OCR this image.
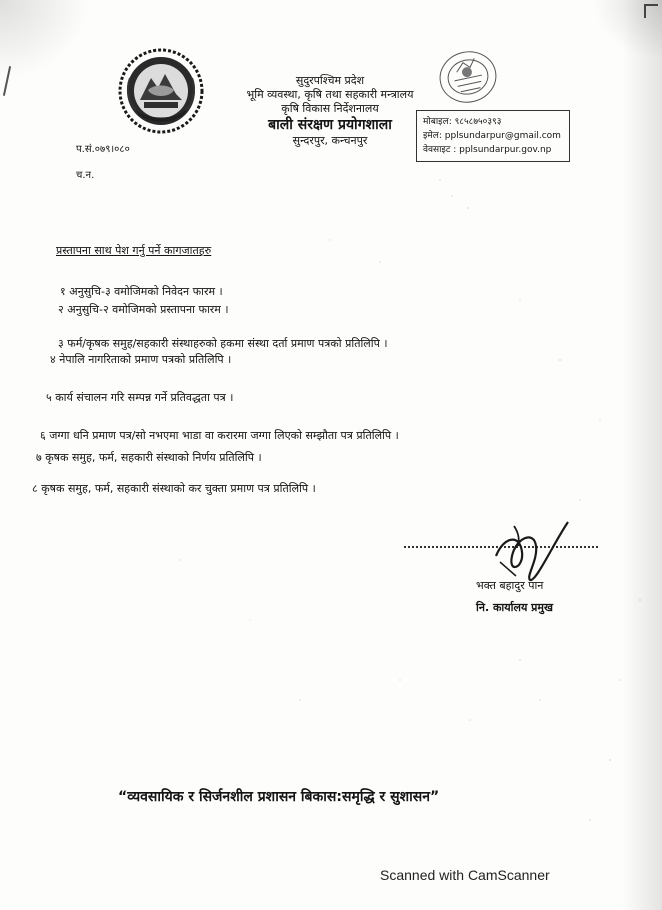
सुदुरपश्चिम प्रदेश
भूमि व्यवस्था, कृषि तथा सहकारी मन्त्रालय
कृषि विकास निर्देशनालय
बाली संरक्षण प्रयोगशाला
सुन्दरपुर, कन्चनपुर
मोबाइल: ९८५८७५०३९३
इमेल: pplsundarpur@gmail.com
वेवसाइट : pplsundarpur.gov.np
प.सं.०७९।०८०
च.न.
प्रस्तापना साथ पेश गर्नु पर्ने कागजातहरु
१ अनुसुचि-३ वमोजिमको निवेदन फारम ।
२ अनुसुचि-२ वमोजिमको प्रस्तापना फारम ।
३ फर्म/कृषक समुह/सहकारी संस्थाहरुको हकमा संस्था दर्ता प्रमाण पत्रको प्रतिलिपि ।
४ नेपालि नागरिताको प्रमाण पत्रको प्रतिलिपि ।
५ कार्य संचालन गरि सम्पन्न गर्ने प्रतिवद्धता पत्र ।
६ जग्गा धनि प्रमाण पत्र/सो नभएमा भाडा वा करारमा जग्गा लिएको सम्झौता पत्र प्रतिलिपि ।
७ कृषक समुह, फर्म, सहकारी संस्थाको निर्णय प्रतिलिपि ।
८ कृषक समुह, फर्म, सहकारी संस्थाको कर चुक्ता प्रमाण पत्र प्रतिलिपि ।
भक्त बहादुर पान
नि. कार्यालय प्रमुख
“व्यवसायिक र सिर्जनशील प्रशासन बिकास:समृद्धि र सुशासन”
Scanned with CamScanner
